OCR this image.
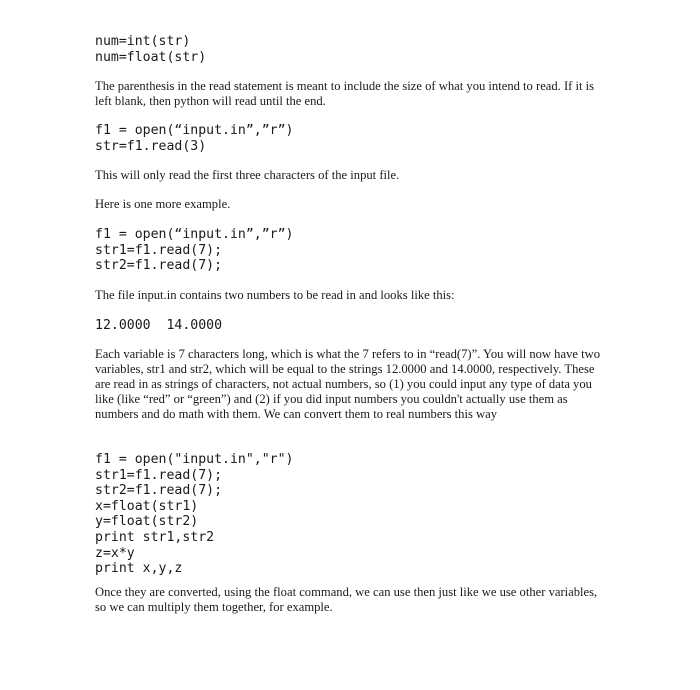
num=int(str)
num=float(str)

The parenthesis in the read statement is meant to include the size of what you intend to read. If it is left blank, then python will read until the end.

f1 = open(“input.in”,”r”)
str=f1.read(3)

This will only read the first three characters of the input file.

Here is one more example.

f1 = open(“input.in”,”r”)
str1=f1.read(7);
str2=f1.read(7);

The file input.in contains two numbers to be read in and looks like this:

12.0000  14.0000

Each variable is 7 characters long, which is what the 7 refers to in “read(7)”. You will now have two variables, str1 and str2, which will be equal to the strings 12.0000 and 14.0000, respectively. These are read in as strings of characters, not actual numbers, so (1) you could input any type of data you like (like “red” or “green”) and (2) if you did input numbers you couldn't actually use them as numbers and do math with them. We can convert them to real numbers this way

f1 = open("input.in","r")
str1=f1.read(7);
str2=f1.read(7);
x=float(str1)
y=float(str2)
print str1,str2
z=x*y
print x,y,z

Once they are converted, using the float command, we can use then just like we use other variables, so we can multiply them together, for example.
